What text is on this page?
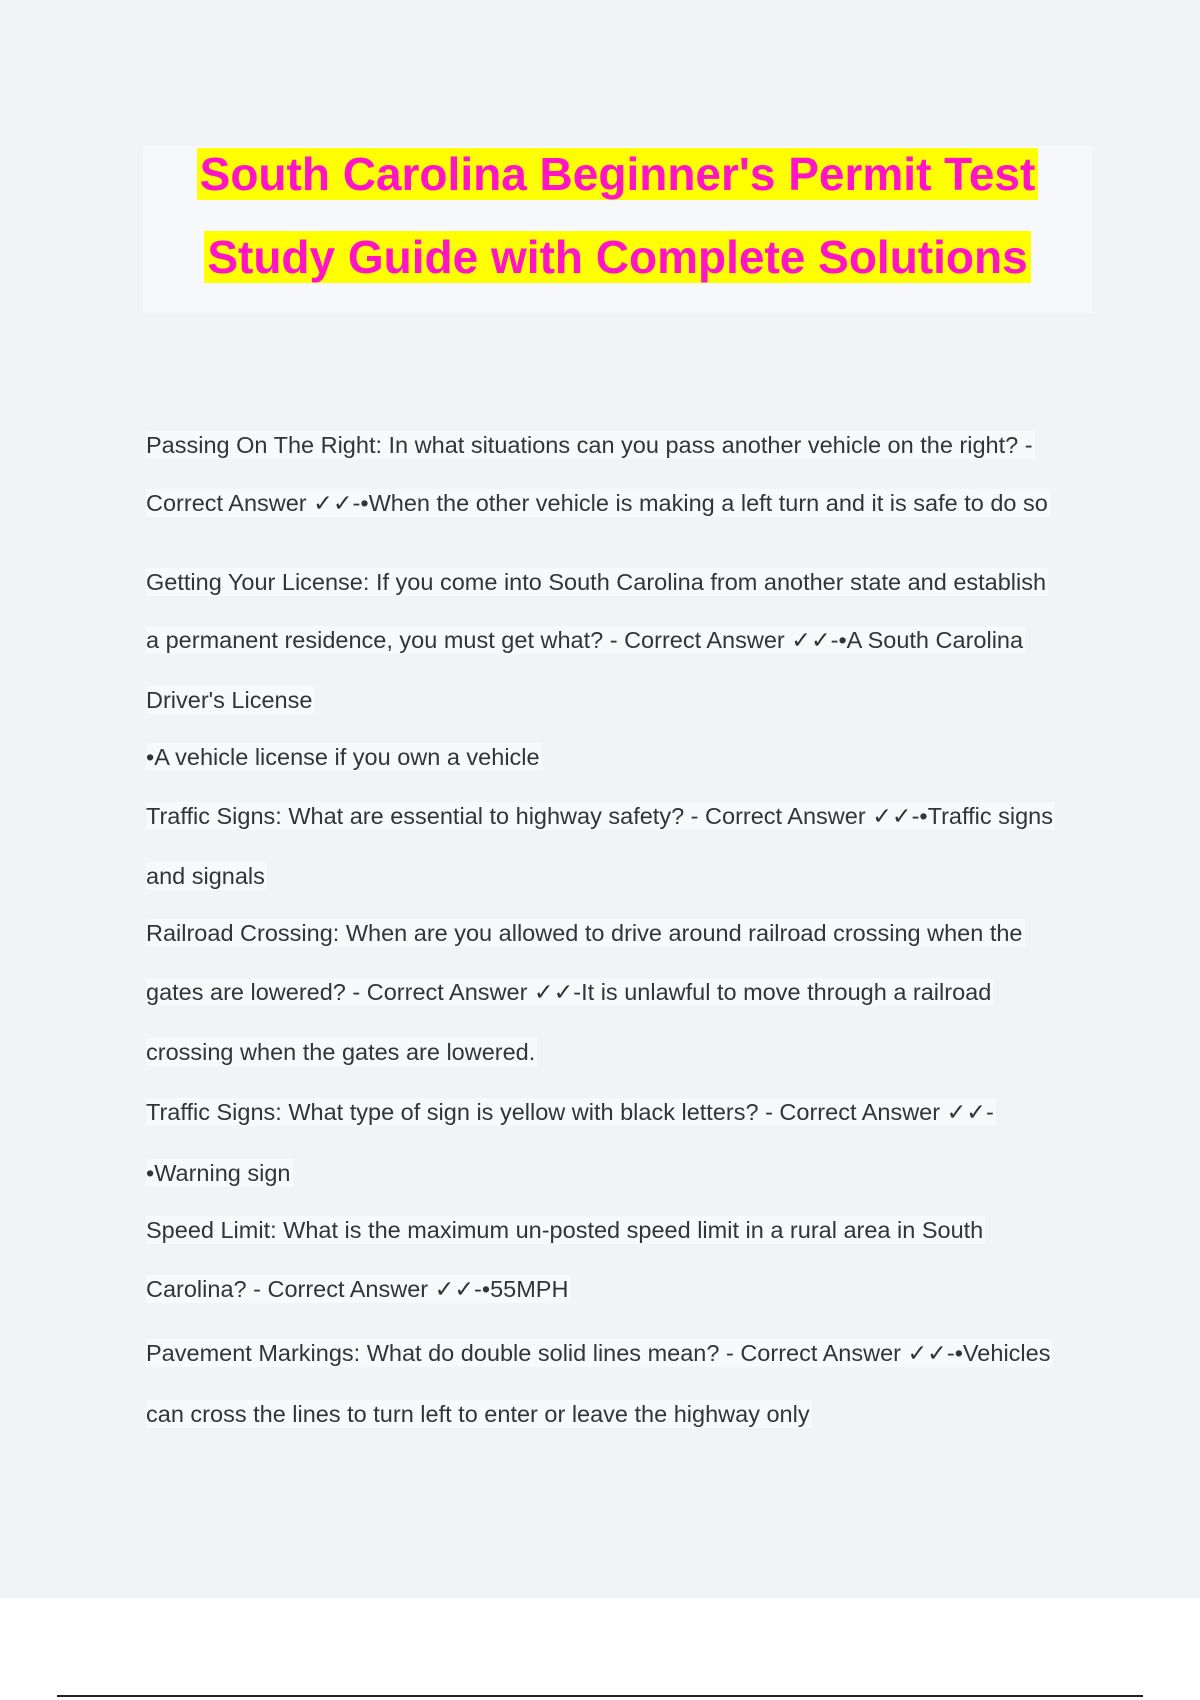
South Carolina Beginner's Permit Test
Study Guide with Complete Solutions
Passing On The Right: In what situations can you pass another vehicle on the right? -
Correct Answer ✓✓-•When the other vehicle is making a left turn and it is safe to do so
Getting Your License: If you come into South Carolina from another state and establish
a permanent residence, you must get what? - Correct Answer ✓✓-•A South Carolina
Driver's License
•A vehicle license if you own a vehicle
Traffic Signs: What are essential to highway safety? - Correct Answer ✓✓-•Traffic signs
and signals
Railroad Crossing: When are you allowed to drive around railroad crossing when the
gates are lowered? - Correct Answer ✓✓-It is unlawful to move through a railroad
crossing when the gates are lowered.
Traffic Signs: What type of sign is yellow with black letters? - Correct Answer ✓✓-
•Warning sign
Speed Limit: What is the maximum un-posted speed limit in a rural area in South
Carolina? - Correct Answer ✓✓-•55MPH
Pavement Markings: What do double solid lines mean? - Correct Answer ✓✓-•Vehicles
can cross the lines to turn left to enter or leave the highway only
